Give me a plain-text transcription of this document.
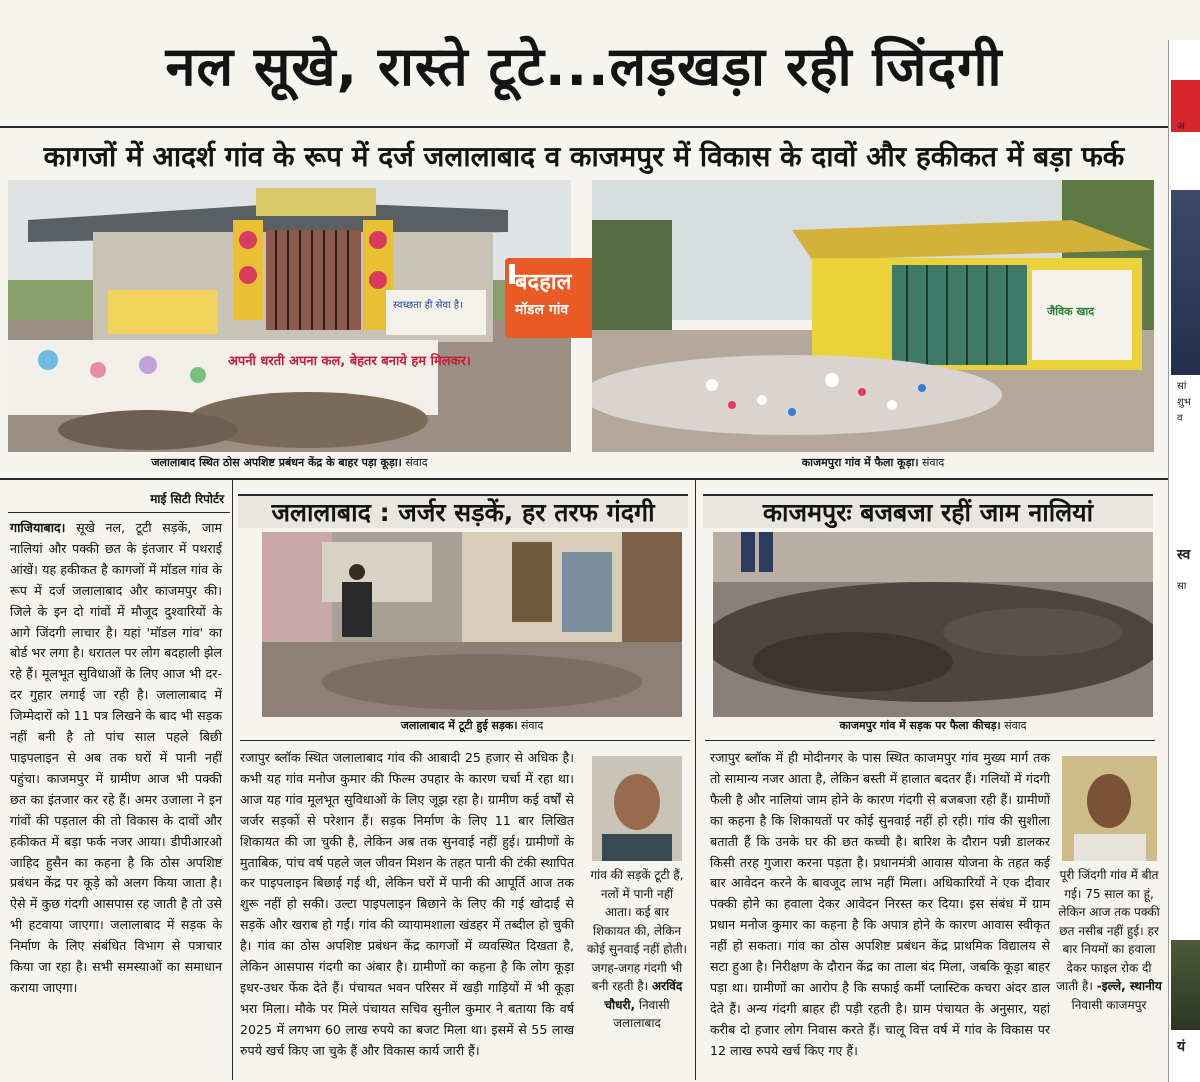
नल सूखे, रास्ते टूटे...लड़खड़ा रही जिंदगी
कागजों में आदर्श गांव के रूप में दर्ज जलालाबाद व काजमपुर में विकास के दावों और हकीकत में बड़ा फर्क
स्वच्छता ही सेवा है।
अपनी धरती अपना कल, बेहतर बनाये हम मिलकर।
जलालाबाद स्थित ठोस अपशिष्ट प्रबंधन केंद्र के बाहर पड़ा कूड़ा। संवाद
बदहाल
मॉडल गांव	जैविक खाद
काजमपुरा गांव में फैला कूड़ा। संवाद
माई सिटी रिपोर्टर
गाजियाबाद। सूखे नल, टूटी सड़कें, जाम नालियां और पक्की छत के इंतजार में पथराई आंखें। यह हकीकत है कागजों में मॉडल गांव के रूप में दर्ज जलालाबाद और काजमपुर की। जिले के इन दो गांवों में मौजूद दुश्वारियों के आगे जिंदगी लाचार है। यहां 'मॉडल गांव' का बोर्ड भर लगा है। धरातल पर लोग बदहाली झेल रहे हैं। मूलभूत सुविधाओं के लिए आज भी दर-दर गुहार लगाई जा रही है। जलालाबाद में जिम्मेदारों को 11 पत्र लिखने के बाद भी सड़क नहीं बनी है तो पांच साल पहले बिछी पाइपलाइन से अब तक घरों में पानी नहीं पहुंचा। काजमपुर में ग्रामीण आज भी पक्की छत का इंतजार कर रहे हैं। अमर उजाला ने इन गांवों की पड़ताल की तो विकास के दावों और हकीकत में बड़ा फर्क नजर आया। डीपीआरओ जाहिद हुसैन का कहना है कि ठोस अपशिष्ट प्रबंधन केंद्र पर कूड़े को अलग किया जाता है। ऐसे में कुछ गंदगी आसपास रह जाती है तो उसे भी हटवाया जाएगा। जलालाबाद में सड़क के निर्माण के लिए संबंधित विभाग से पत्राचार किया जा रहा है। सभी समस्याओं का समाधान कराया जाएगा।
जलालाबाद : जर्जर सड़कें, हर तरफ गंदगी
जलालाबाद में टूटी हुई सड़क। संवाद
रजापुर ब्लॉक स्थित जलालाबाद गांव की आबादी 25 हजार से अधिक है। कभी यह गांव मनोज कुमार की फिल्म उपहार के कारण चर्चा में रहा था। आज यह गांव मूलभूत सुविधाओं के लिए जूझ रहा है। ग्रामीण कई वर्षों से जर्जर सड़कों से परेशान हैं। सड़क निर्माण के लिए 11 बार लिखित शिकायत की जा चुकी है, लेकिन अब तक सुनवाई नहीं हुई। ग्रामीणों के मुताबिक, पांच वर्ष पहले जल जीवन मिशन के तहत पानी की टंकी स्थापित कर पाइपलाइन बिछाई गई थी, लेकिन घरों में पानी की आपूर्ति आज तक शुरू नहीं हो सकी। उल्टा पाइपलाइन बिछाने के लिए की गई खोदाई से सड़कें और खराब हो गईं। गांव की व्यायामशाला खंडहर में तब्दील हो चुकी है। गांव का ठोस अपशिष्ट प्रबंधन केंद्र कागजों में व्यवस्थित दिखता है, लेकिन आसपास गंदगी का अंबार है। ग्रामीणों का कहना है कि लोग कूड़ा इधर-उधर फेंक देते हैं। पंचायत भवन परिसर में खड़ी गाड़ियों में भी कूड़ा भरा मिला। मौके पर मिले पंचायत सचिव सुनील कुमार ने बताया कि वर्ष 2025 में लगभग 60 लाख रुपये का बजट मिला था। इसमें से 55 लाख रुपये खर्च किए जा चुके हैं और विकास कार्य जारी हैं।
गांव की सड़कें टूटी हैं, नलों में पानी नहीं आता। कई बार शिकायत की, लेकिन कोई सुनवाई नहीं होती। जगह-जगह गंदगी भी बनी रहती है। अरविंद चौधरी, निवासी जलालाबाद
काजमपुरः बजबजा रहीं जाम नालियां
काजमपुर गांव में सड़क पर फैला कीचड़। संवाद
रजापुर ब्लॉक में ही मोदीनगर के पास स्थित काजमपुर गांव मुख्य मार्ग तक तो सामान्य नजर आता है, लेकिन बस्ती में हालात बदतर हैं। गलियों में गंदगी फैली है और नालियां जाम होने के कारण गंदगी से बजबजा रही हैं। ग्रामीणों का कहना है कि शिकायतों पर कोई सुनवाई नहीं हो रही। गांव की सुशीला बताती हैं कि उनके घर की छत कच्ची है। बारिश के दौरान पन्नी डालकर किसी तरह गुजारा करना पड़ता है। प्रधानमंत्री आवास योजना के तहत कई बार आवेदन करने के बावजूद लाभ नहीं मिला। अधिकारियों ने एक दीवार पक्की होने का हवाला देकर आवेदन निरस्त कर दिया। इस संबंध में ग्राम प्रधान मनोज कुमार का कहना है कि अपात्र होने के कारण आवास स्वीकृत नहीं हो सकता। गांव का ठोस अपशिष्ट प्रबंधन केंद्र प्राथमिक विद्यालय से सटा हुआ है। निरीक्षण के दौरान केंद्र का ताला बंद मिला, जबकि कूड़ा बाहर पड़ा था। ग्रामीणों का आरोप है कि सफाई कर्मी प्लास्टिक कचरा अंदर डाल देते हैं। अन्य गंदगी बाहर ही पड़ी रहती है। ग्राम पंचायत के अनुसार, यहां करीब दो हजार लोग निवास करते हैं। चालू वित्त वर्ष में गांव के विकास पर 12 लाख रुपये खर्च किए गए हैं।
पूरी जिंदगी गांव में बीत गई। 75 साल का हूं, लेकिन आज तक पक्की छत नसीब नहीं हुई। हर बार नियमों का हवाला देकर फाइल रोक दी जाती है। -इल्ले, स्थानीय निवासी काजमपुर
अ
सां
शुभ
व
स्व
सा
यं
